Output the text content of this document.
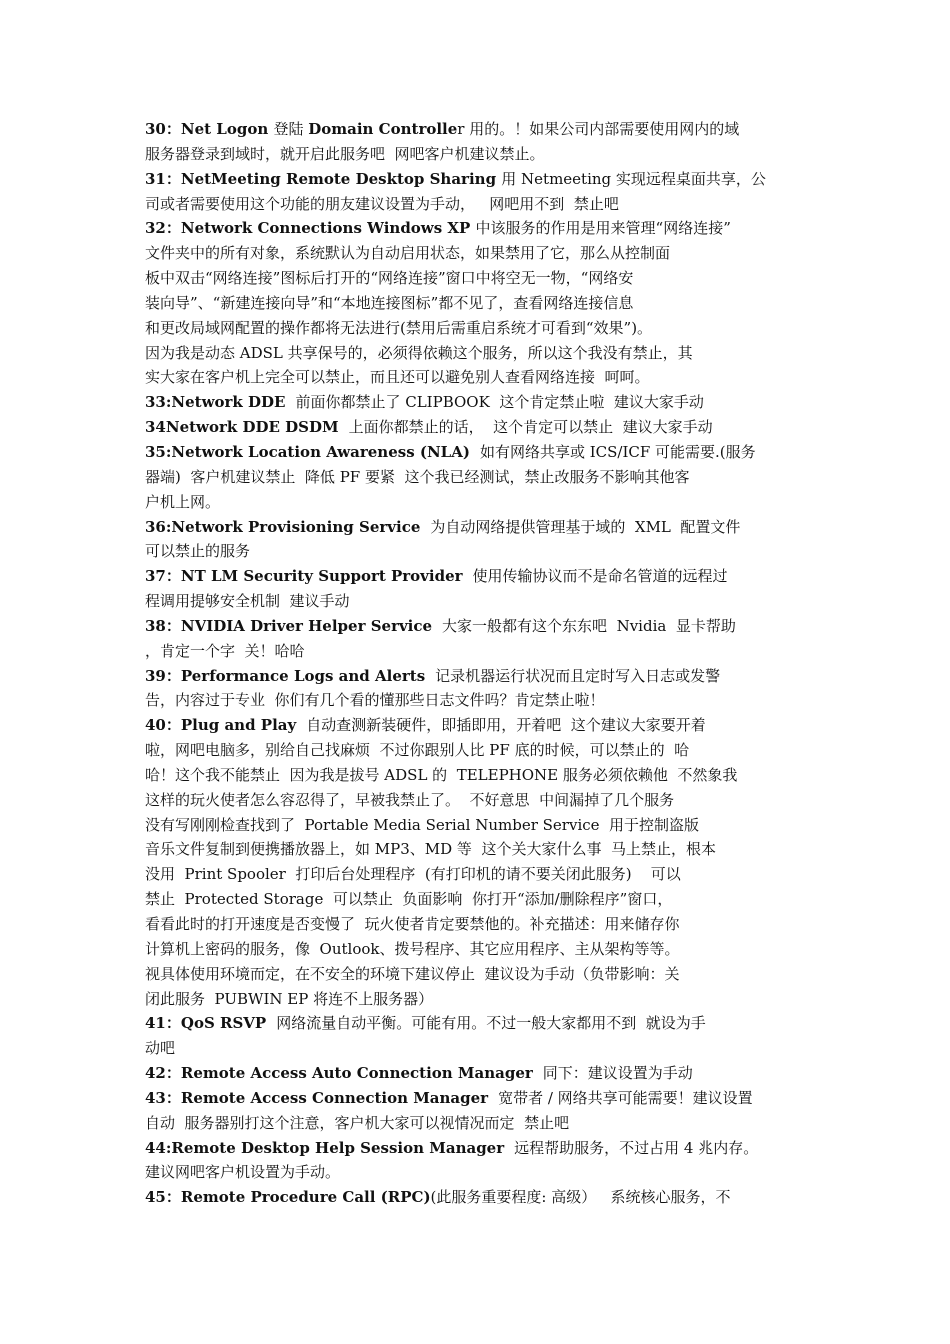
30：Net Logon 登陆 Domain Controller 用的。！如果公司内部需要使用网内的域
服务器登录到域时，就开启此服务吧  网吧客户机建议禁止。
31：NetMeeting Remote Desktop Sharing 用 Netmeeting 实现远程桌面共享，公
司或者需要使用这个功能的朋友建议设置为手动，   网吧用不到  禁止吧
32：Network Connections Windows XP 中该服务的作用是用来管理“网络连接”
文件夹中的所有对象，系统默认为自动启用状态，如果禁用了它，那么从控制面
板中双击“网络连接”图标后打开的“网络连接”窗口中将空无一物，“网络安
装向导”、“新建连接向导”和“本地连接图标”都不见了，查看网络连接信息
和更改局域网配置的操作都将无法进行(禁用后需重启系统才可看到“效果”)。
因为我是动态 ADSL 共享保号的，必须得依赖这个服务，所以这个我没有禁止，其
实大家在客户机上完全可以禁止，而且还可以避免别人查看网络连接  呵呵。
33:Network DDE  前面你都禁止了 CLIPBOOK  这个肯定禁止啦  建议大家手动
34Network DDE DSDM  上面你都禁止的话，  这个肯定可以禁止  建议大家手动
35:Network Location Awareness (NLA)  如有网络共享或 ICS/ICF 可能需要.(服务
器端)  客户机建议禁止  降低 PF 要紧  这个我已经测试，禁止改服务不影响其他客
户机上网。
36:Network Provisioning Service  为自动网络提供管理基于域的  XML  配置文件
可以禁止的服务
37：NT LM Security Support Provider  使用传输协议而不是命名管道的远程过
程调用提够安全机制  建议手动
38：NVIDIA Driver Helper Service  大家一般都有这个东东吧  Nvidia  显卡帮助
，肯定一个字  关！哈哈
39：Performance Logs and Alerts  记录机器运行状况而且定时写入日志或发警
告，内容过于专业  你们有几个看的懂那些日志文件吗？肯定禁止啦！
40：Plug and Play  自动查测新装硬件，即插即用，开着吧  这个建议大家要开着
啦，网吧电脑多，别给自己找麻烦  不过你跟别人比 PF 底的时候，可以禁止的  哈
哈！这个我不能禁止  因为我是拔号 ADSL 的  TELEPHONE 服务必须依赖他  不然象我
这样的玩火使者怎么容忍得了，早被我禁止了。  不好意思  中间漏掉了几个服务
没有写刚刚检查找到了  Portable Media Serial Number Service  用于控制盗版
音乐文件复制到便携播放器上，如 MP3、MD 等  这个关大家什么事  马上禁止，根本
没用  Print Spooler  打印后台处理程序  (有打印机的请不要关闭此服务)    可以
禁止  Protected Storage  可以禁止  负面影响  你打开“添加/删除程序”窗口，
看看此时的打开速度是否变慢了  玩火使者肯定要禁他的。补充描述：用来储存你
计算机上密码的服务，像  Outlook、拨号程序、其它应用程序、主从架构等等。
视具体使用环境而定，在不安全的环境下建议停止  建议设为手动（负带影响：关
闭此服务  PUBWIN EP 将连不上服务器）
41：QoS RSVP  网络流量自动平衡。可能有用。不过一般大家都用不到  就设为手
动吧
42：Remote Access Auto Connection Manager  同下：建议设置为手动
43：Remote Access Connection Manager  宽带者 / 网络共享可能需要！建议设置
自动  服务器别打这个注意，客户机大家可以视情况而定  禁止吧
44:Remote Desktop Help Session Manager  远程帮助服务，不过占用 4 兆内存。
建议网吧客户机设置为手动。
45：Remote Procedure Call (RPC)(此服务重要程度: 高级）   系统核心服务，不
